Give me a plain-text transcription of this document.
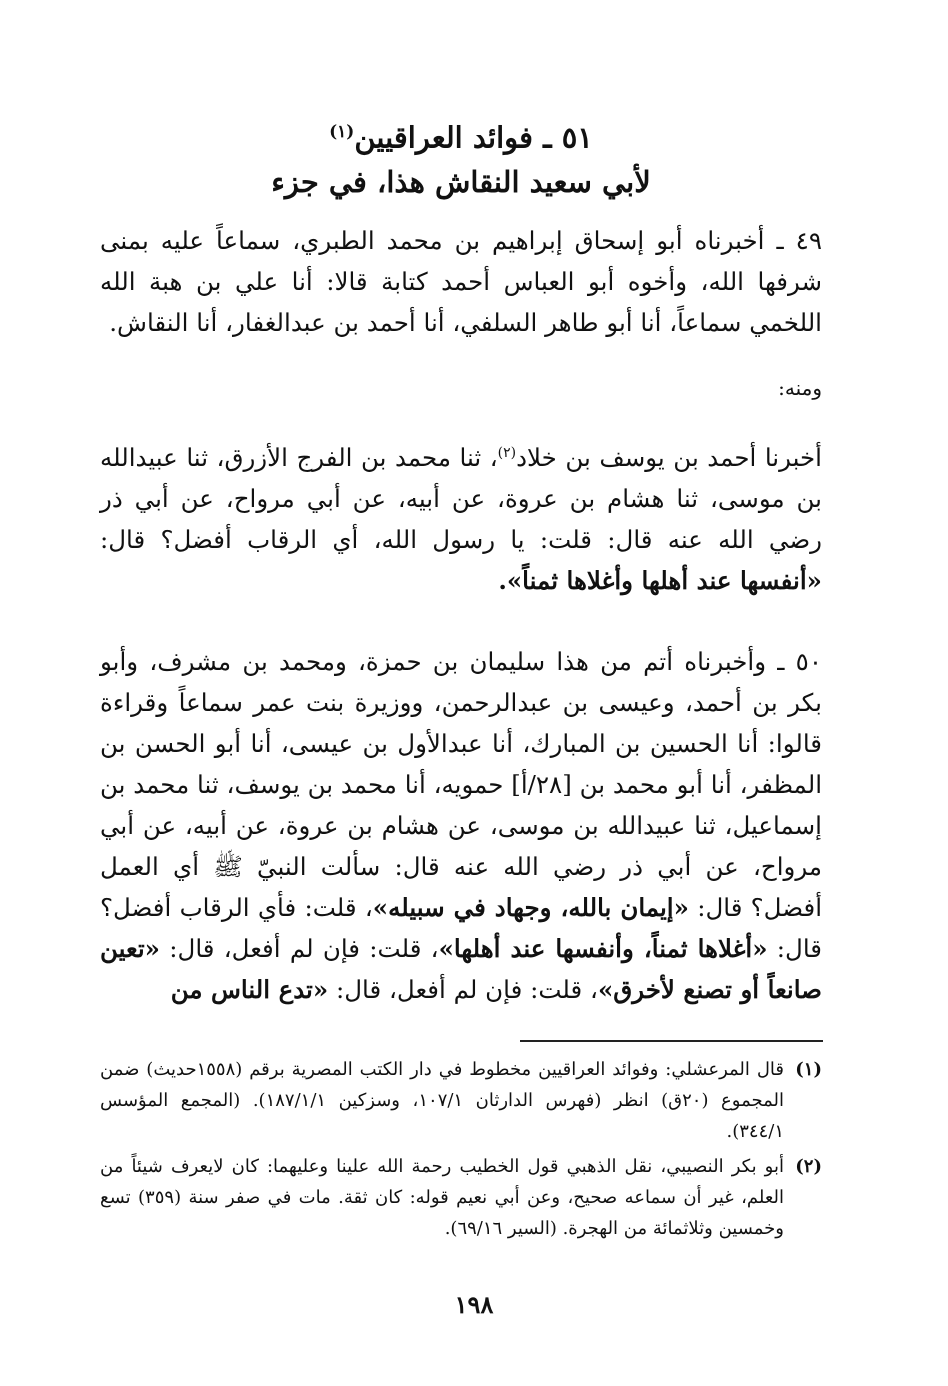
٥١ ـ فوائد العراقيين$^{(١)}$
لأبي سعيد النقاش هذا، في جزء

٤٩ ـ أخبرناه أبو إسحاق إبراهيم بن محمد الطبري، سماعاً عليه بمنى شرفها الله، وأخوه أبو العباس أحمد كتابة قالا: أنا علي بن هبة الله اللخمي سماعاً، أنا أبو طاهر السلفي، أنا أحمد بن عبدالغفار، أنا النقاش.

ومنه:

أخبرنا أحمد بن يوسف بن خلاد$^{(٢)}$، ثنا محمد بن الفرج الأزرق، ثنا عبيدالله بن موسى، ثنا هشام بن عروة، عن أبيه، عن أبي مرواح، عن أبي ذر رضي الله عنه قال: قلت: يا رسول الله، أي الرقاب أفضل؟ قال: «أنفسها عند أهلها وأغلاها ثمناً».

٥٠ ـ وأخبرناه أتم من هذا سليمان بن حمزة، ومحمد بن مشرف، وأبو بكر بن أحمد، وعيسى بن عبدالرحمن، ووزيرة بنت عمر سماعاً وقراءة قالوا: أنا الحسين بن المبارك، أنا عبدالأول بن عيسى، أنا أبو الحسن بن المظفر، أنا أبو محمد بن [٢٨/أ] حمويه، أنا محمد بن يوسف، ثنا محمد بن إسماعيل، ثنا عبيدالله بن موسى، عن هشام بن عروة، عن أبيه، عن أبي مرواح، عن أبي ذر رضي الله عنه قال: سألت النبيّ ﷺ أي العمل أفضل؟ قال: «إيمان بالله، وجهاد في سبيله»، قلت: فأي الرقاب أفضل؟ قال: «أغلاها ثمناً، وأنفسها عند أهلها»، قلت: فإن لم أفعل، قال: «تعين صانعاً أو تصنع لأخرق»، قلت: فإن لم أفعل، قال: «تدع الناس من

(١)
قال المرعشلي: وفوائد العراقيين مخطوط في دار الكتب المصرية برقم (١٥٥٨حديث) ضمن المجموع (٢٠ق) انظر (فهرس الدارثان ١٠٧/١، وسزكين ١٨٧/١/١). (المجمع المؤسس ٣٤٤/١).
(٢)
أبو بكر النصيبي، نقل الذهبي قول الخطيب رحمة الله علينا وعليهما: كان لايعرف شيئاً من العلم، غير أن سماعه صحيح، وعن أبي نعيم قوله: كان ثقة. مات في صفر سنة (٣٥٩) تسع وخمسين وثلاثمائة من الهجرة. (السير ٦٩/١٦).
١٩٨
